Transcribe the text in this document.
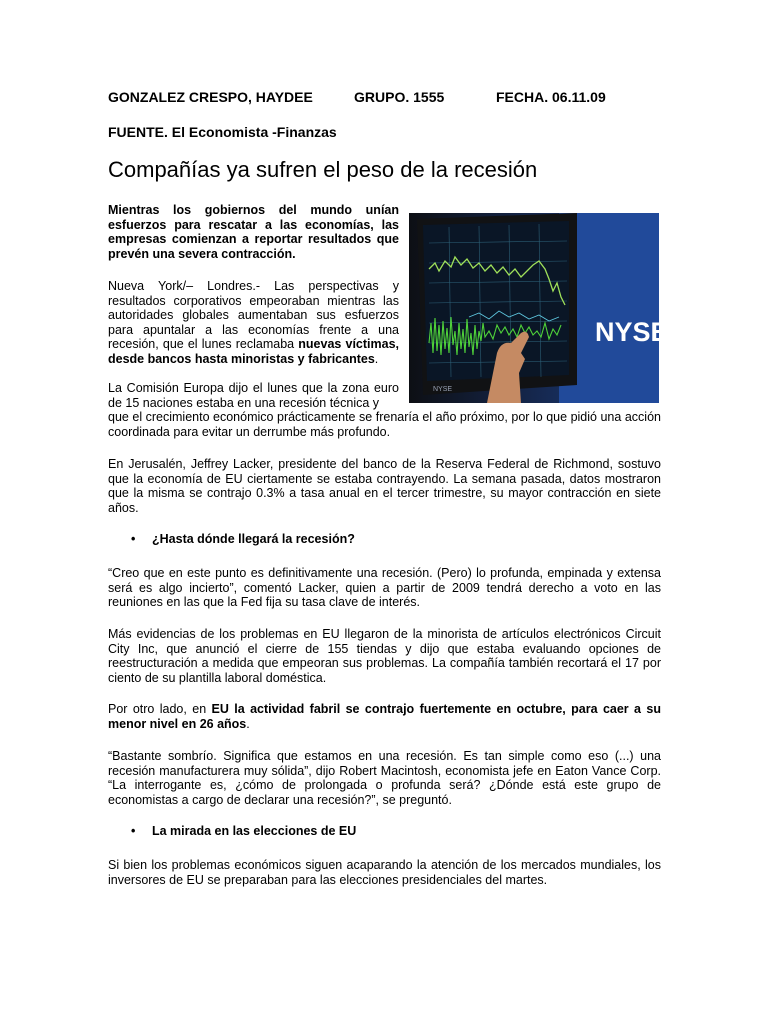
GONZALEZ CRESPO, HAYDEE	GRUPO. 1555	FECHA. 06.11.09
FUENTE. El Economista -Finanzas
Compañías ya sufren el peso de la recesión

Mientras los gobiernos del mundo unían esfuerzos para rescatar a las economías, las empresas comienzan a reportar resultados que prevén una severa contracción.

Nueva York/– Londres.- Las perspectivas y resultados corporativos empeoraban mientras las autoridades globales aumentaban sus esfuerzos para apuntalar a las economías frente a una recesión, que el lunes reclamaba nuevas víctimas, desde bancos hasta minoristas y fabricantes.

NYSE
NYSE

La Comisión Europa dijo el lunes que la zona euro de 15 naciones estaba en una recesión técnica y

que el crecimiento económico prácticamente se frenaría el año próximo, por lo que pidió una acción coordinada para evitar un derrumbe más profundo.

En Jerusalén, Jeffrey Lacker, presidente del banco de la Reserva Federal de Richmond, sostuvo que la economía de EU ciertamente se estaba contrayendo. La semana pasada, datos mostraron que la misma se contrajo 0.3% a tasa anual en el tercer trimestre, su mayor contracción en siete años.

• ¿Hasta dónde llegará la recesión?

“Creo que en este punto es definitivamente una recesión. (Pero) lo profunda, empinada y extensa será es algo incierto”, comentó Lacker, quien a partir de 2009 tendrá derecho a voto en las reuniones en las que la Fed fija su tasa clave de interés.

Más evidencias de los problemas en EU llegaron de la minorista de artículos electrónicos Circuit City Inc, que anunció el cierre de 155 tiendas y dijo que estaba evaluando opciones de reestructuración a medida que empeoran sus problemas. La compañía también recortará el 17 por ciento de su plantilla laboral doméstica.

Por otro lado, en EU la actividad fabril se contrajo fuertemente en octubre, para caer a su menor nivel en 26 años.

“Bastante sombrío. Significa que estamos en una recesión. Es tan simple como eso (...) una recesión manufacturera muy sólida”, dijo Robert Macintosh, economista jefe en Eaton Vance Corp. “La interrogante es, ¿cómo de prolongada o profunda será? ¿Dónde está este grupo de economistas a cargo de declarar una recesión?”, se preguntó.

• La mirada en las elecciones de EU

Si bien los problemas económicos siguen acaparando la atención de los mercados mundiales, los inversores de EU se preparaban para las elecciones presidenciales del martes.
